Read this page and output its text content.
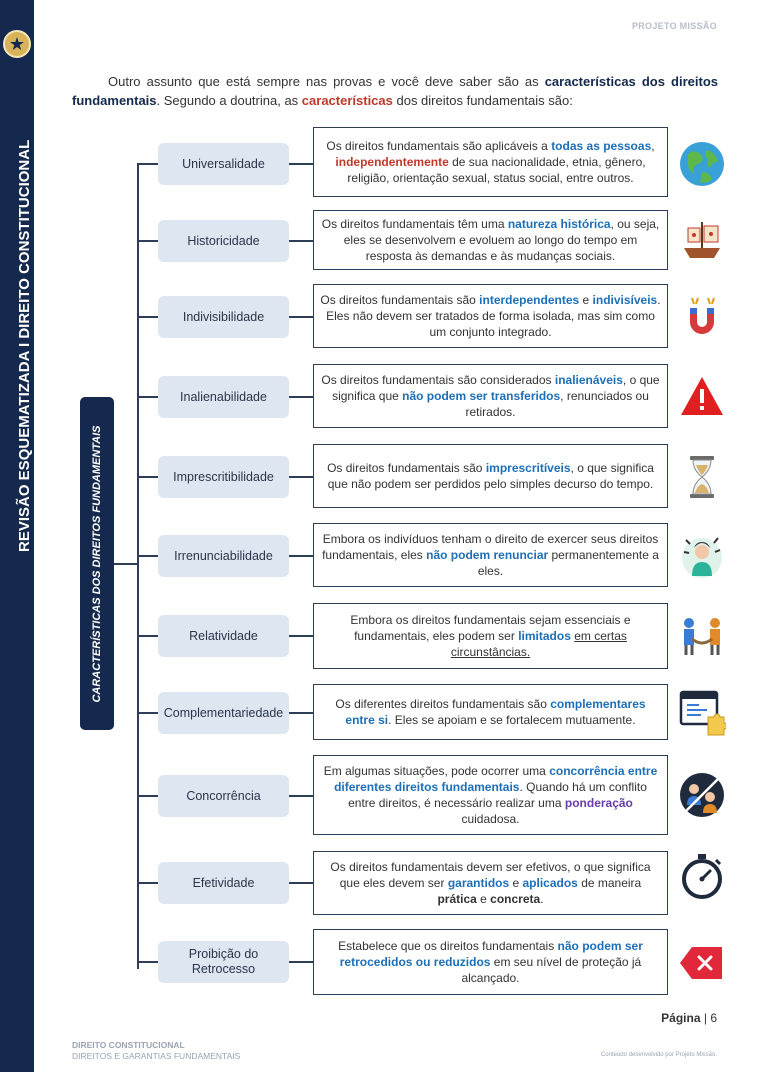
★
REVISÃO ESQUEMATIZADA I DIREITO CONSTITUCIONAL
PROJETO MISSÃO

Outro assunto que está sempre nas provas e você deve saber são as características dos direitos fundamentais. Segundo a doutrina, as características dos direitos fundamentais são:

CARACTERÍSTICAS DOS DIREITOS FUNDAMENTAIS
Universalidade

Os direitos fundamentais são aplicáveis a todas as pessoas, independentemente de sua nacionalidade, etnia, gênero, religião, orientação sexual, status social, entre outros.

Historicidade

Os direitos fundamentais têm uma natureza histórica, ou seja, eles se desenvolvem e evoluem ao longo do tempo em resposta às demandas e às mudanças sociais.

Indivisibilidade

Os direitos fundamentais são interdependentes e indivisíveis. Eles não devem ser tratados de forma isolada, mas sim como um conjunto integrado.

Inalienabilidade

Os direitos fundamentais são considerados inalienáveis, o que significa que não podem ser transferidos, renunciados ou retirados.

Imprescritibilidade

Os direitos fundamentais são imprescritíveis, o que significa que não podem ser perdidos pelo simples decurso do tempo.

Irrenunciabilidade

Embora os indivíduos tenham o direito de exercer seus direitos fundamentais, eles não podem renunciar permanentemente a eles.

Relatividade

Embora os direitos fundamentais sejam essenciais e fundamentais, eles podem ser limitados em certas circunstâncias.

Complementariedade

Os diferentes direitos fundamentais são complementares entre si. Eles se apoiam e se fortalecem mutuamente.

Concorrência

Em algumas situações, pode ocorrer uma concorrência entre diferentes direitos fundamentais. Quando há um conflito entre direitos, é necessário realizar uma ponderação cuidadosa.

Efetividade

Os direitos fundamentais devem ser efetivos, o que significa que eles devem ser garantidos e aplicados de maneira prática e concreta.

Proibição do Retrocesso

Estabelece que os direitos fundamentais não podem ser retrocedidos ou reduzidos em seu nível de proteção já alcançado.

Página | 6
DIREITO CONSTITUCIONAL
DIREITOS E GARANTIAS FUNDAMENTAIS	Conteúdo desenvolvido por Projeto Missão.
